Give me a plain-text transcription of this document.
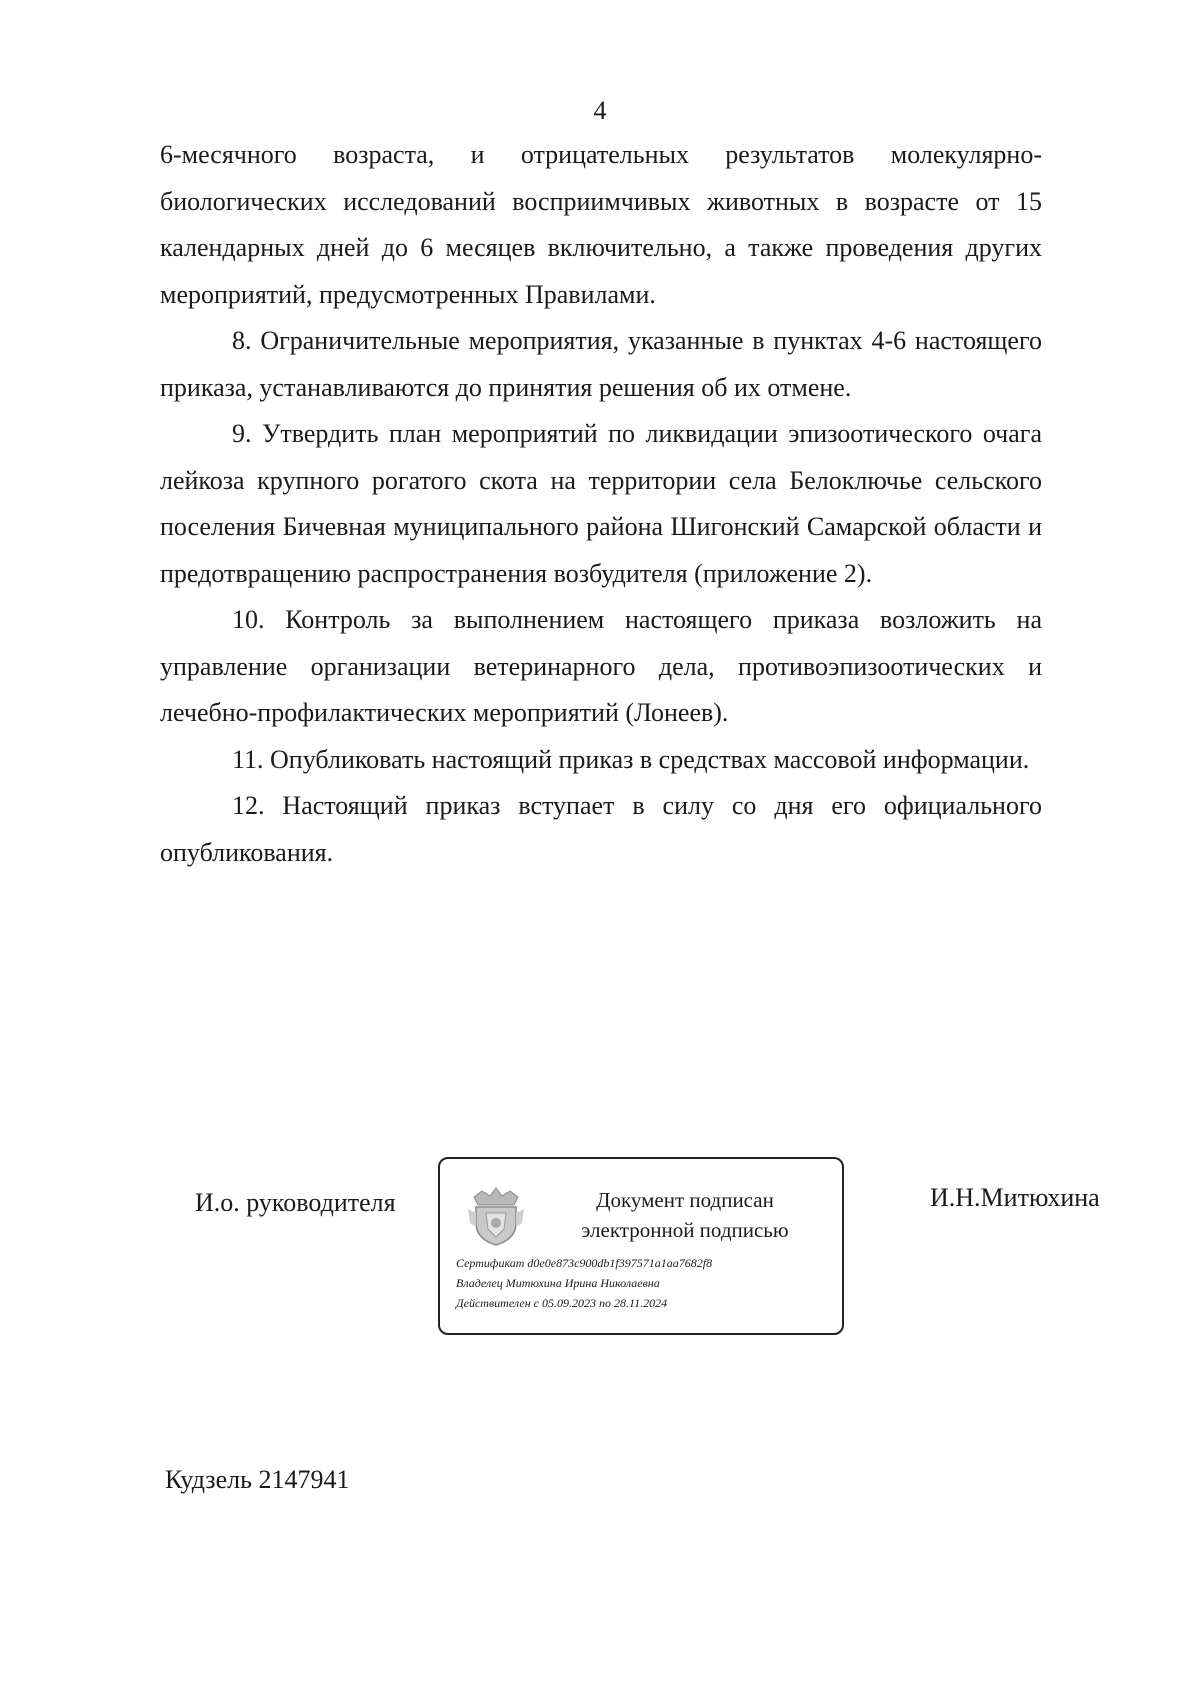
4

6-месячного возраста, и отрицательных результатов молекулярно-биологических исследований восприимчивых животных в возрасте от 15 календарных дней до 6 месяцев включительно, а также проведения других мероприятий, предусмотренных Правилами.

8. Ограничительные мероприятия, указанные в пунктах 4-6 настоящего приказа, устанавливаются до принятия решения об их отмене.

9. Утвердить план мероприятий по ликвидации эпизоотического очага лейкоза крупного рогатого скота на территории села Белоключье сельского поселения Бичевная муниципального района Шигонский Самарской области и предотвращению распространения возбудителя (приложение 2).

10. Контроль за выполнением настоящего приказа возложить на управление организации ветеринарного дела, противоэпизоотических и лечебно-профилактических мероприятий (Лонеев).

11. Опубликовать настоящий приказ в средствах массовой информации.

12. Настоящий приказ вступает в силу со дня его официального опубликования.

И.о. руководителя	Документ подписан электронной подписью
Сертификат d0e0e873c900db1f397571a1aa7682f8
Владелец Митюхина Ирина Николаевна
Действителен с 05.09.2023 по 28.11.2024
И.Н.Митюхина
Кудзель 2147941
